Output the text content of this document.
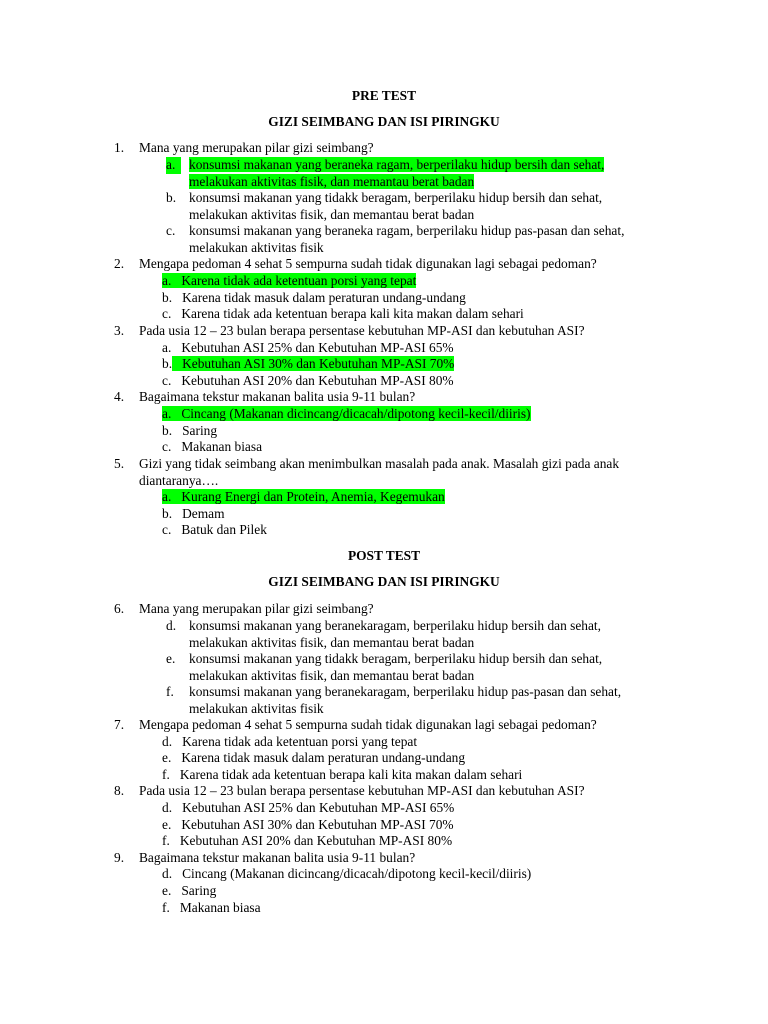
PRE TEST
GIZI SEIMBANG DAN ISI PIRINGKU
1. Mana yang merupakan pilar gizi seimbang?
a.	konsumsi makanan yang beraneka ragam, berperilaku hidup bersih dan sehat,
melakukan aktivitas fisik, dan memantau berat badan
b. konsumsi makanan yang tidakk beragam, berperilaku hidup bersih dan sehat,
melakukan aktivitas fisik, dan memantau berat badan
c. konsumsi makanan yang beraneka ragam, berperilaku hidup pas-pasan dan sehat,
melakukan aktivitas fisik
2. Mengapa pedoman 4 sehat 5 sempurna sudah tidak digunakan lagi sebagai pedoman?
a. Karena tidak ada ketentuan porsi yang tepat
b. Karena tidak masuk dalam peraturan undang-undang
c. Karena tidak ada ketentuan berapa kali kita makan dalam sehari
3. Pada usia 12 – 23 bulan berapa persentase kebutuhan MP-ASI dan kebutuhan ASI?
a. Kebutuhan ASI 25% dan Kebutuhan MP-ASI 65%
b. Kebutuhan ASI 30% dan Kebutuhan MP-ASI 70%
c. Kebutuhan ASI 20% dan Kebutuhan MP-ASI 80%
4. Bagaimana tekstur makanan balita usia 9-11 bulan?
a. Cincang (Makanan dicincang/dicacah/dipotong kecil-kecil/diiris)
b. Saring
c. Makanan biasa
5. Gizi yang tidak seimbang akan menimbulkan masalah pada anak. Masalah gizi pada anak
diantaranya….
a. Kurang Energi dan Protein, Anemia, Kegemukan
b. Demam
c. Batuk dan Pilek
POST TEST
GIZI SEIMBANG DAN ISI PIRINGKU
6. Mana yang merupakan pilar gizi seimbang?
d. konsumsi makanan yang beranekaragam, berperilaku hidup bersih dan sehat,
melakukan aktivitas fisik, dan memantau berat badan
e. konsumsi makanan yang tidakk beragam, berperilaku hidup bersih dan sehat,
melakukan aktivitas fisik, dan memantau berat badan
f. konsumsi makanan yang beranekaragam, berperilaku hidup pas-pasan dan sehat,
melakukan aktivitas fisik
7. Mengapa pedoman 4 sehat 5 sempurna sudah tidak digunakan lagi sebagai pedoman?
d. Karena tidak ada ketentuan porsi yang tepat
e. Karena tidak masuk dalam peraturan undang-undang
f. Karena tidak ada ketentuan berapa kali kita makan dalam sehari
8. Pada usia 12 – 23 bulan berapa persentase kebutuhan MP-ASI dan kebutuhan ASI?
d. Kebutuhan ASI 25% dan Kebutuhan MP-ASI 65%
e. Kebutuhan ASI 30% dan Kebutuhan MP-ASI 70%
f. Kebutuhan ASI 20% dan Kebutuhan MP-ASI 80%
9. Bagaimana tekstur makanan balita usia 9-11 bulan?
d. Cincang (Makanan dicincang/dicacah/dipotong kecil-kecil/diiris)
e. Saring
f. Makanan biasa
